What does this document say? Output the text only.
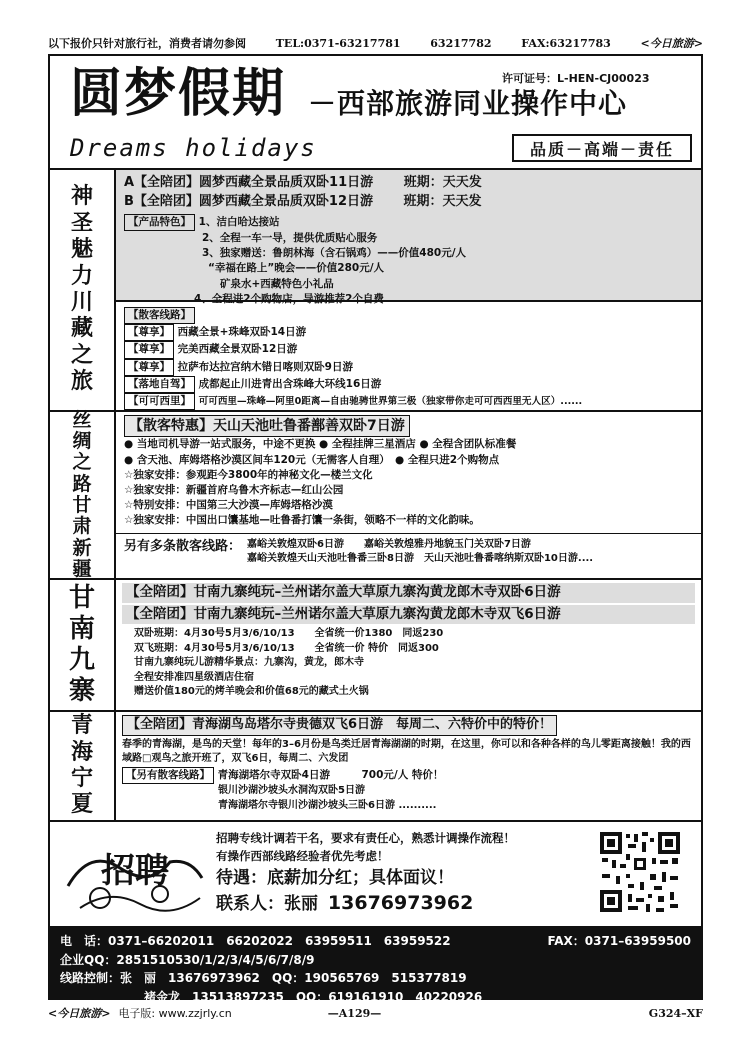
以下报价只针对旅行社，消费者请勿参阅	TEL:0371-63217781	63217782	FAX:63217783	<今日旅游>
圆梦假期 －西部旅游同业操作中心
许可证号：L-HEN-CJ00023
Dreams holidays	品质－高端－责任
神
圣
魅
力
川
藏
之
旅
A【全陪团】圆梦西藏全景品质双卧11日游 班期：天天发
B【全陪团】圆梦西藏全景品质双卧12日游 班期：天天发
【产品特色】 1、洁白哈达接站
2、全程一车一导，提供优质贴心服务
3、独家赠送：鲁朗林海（含石锅鸡）——价值480元/人
“幸福在路上”晚会——价值280元/人
矿泉水+西藏特色小礼品
4、全程进2个购物店，导游推荐2个自费
【散客线路】
【尊享】 西藏全景+珠峰双卧14日游
【尊享】 完美西藏全景双卧12日游
【尊享】 拉萨布达拉宫纳木错日喀则双卧9日游
【落地自驾】 成都起止川进青出含珠峰大环线16日游
【可可西里】 可可西里—珠峰—阿里0距离—自由驰骋世界第三极（独家带你走可可西西里无人区）......
丝
绸
之
路
甘
肃
新
疆
【散客特惠】天山天池吐鲁番鄯善双卧7日游
● 当地司机导游一站式服务，中途不更换 ● 全程挂牌三星酒店 ● 全程含团队标准餐
● 含天池、库姆塔格沙漠区间车120元（无需客人自理）　● 全程只进2个购物点
☆独家安排：参观距今3800年的神秘文化—楼兰文化
☆独家安排：新疆首府乌鲁木齐标志—红山公园
☆特别安排：中国第三大沙漠—库姆塔格沙漠
☆独家安排：中国出口馕基地—吐鲁番打馕一条街，领略不一样的文化韵味。
另有多条散客线路： 嘉峪关敦煌双卧6日游　　嘉峪关敦煌雅丹地貌玉门关双卧7日游
嘉峪关敦煌天山天池吐鲁番三卧8日游　天山天池吐鲁番喀纳斯双卧10日游....
甘
南
九
寨
【全陪团】甘南九寨纯玩–兰州诺尔盖大草原九寨沟黄龙郎木寺双卧6日游
【全陪团】甘南九寨纯玩–兰州诺尔盖大草原九寨沟黄龙郎木寺双飞6日游
双卧班期：4月30号5月3/6/10/13　　全省统一价1380　同返230
双飞班期：4月30号5月3/6/10/13　　全省统一价 特价　同返300
甘南九寨纯玩儿游精华景点：九寨沟，黄龙，郎木寺
全程安排准四星级酒店住宿
赠送价值180元的烤羊晚会和价值68元的藏式土火锅
青
海
宁
夏
【全陪团】青海湖鸟岛塔尔寺贵德双飞6日游　每周二、六特价中的特价！
春季的青海湖，是鸟的天堂！每年的3–6月份是鸟类迁居青海湖湖的时期，在这里，你可以和各种各样的鸟儿零距离接触！我的西域路□观鸟之旅开班了，双飞6日，每周二、六发团
【另有散客线路】 青海湖塔尔寺双卧4日游　　　700元/人 特价！
银川沙湖沙坡头水洞沟双卧5日游
青海湖塔尔寺银川沙湖沙坡头三卧6日游 ..........
招聘
招聘专线计调若干名，要求有责任心，熟悉计调操作流程！
有操作西部线路经验者优先考虑！
待遇：底薪加分红；具体面议！
联系人：张丽 13676973962
电　话：0371–66202011　66202022　63959511　63959522	FAX：0371–63959500
企业QQ：2851510530/1/2/3/4/5/6/7/8/9
线路控制：张　丽　13676973962　QQ：190565769　515377819
褚金龙　13513897235　QQ：619161910　40220926
<今日旅游> 电子版: www.zzjrly.cn	—A129—	G324–XF
